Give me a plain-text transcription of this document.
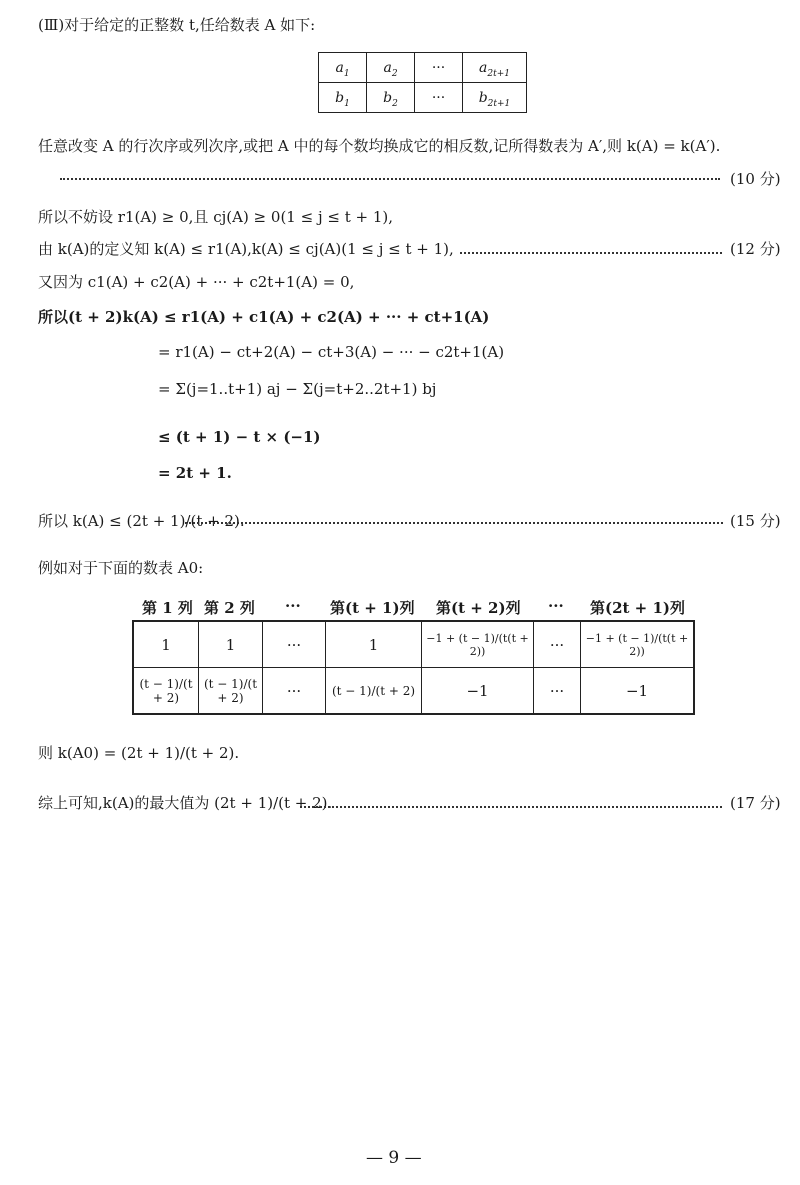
(Ⅲ)对于给定的正整数 t,任给数表 A 如下:
$a_1$	$a_2$	···	$a_{2t+1}$
$b_1$	$b_2$	···	$b_{2t+1}$
任意改变 A 的行次序或列次序,或把 A 中的每个数均换成它的相反数,记所得数表为 A′,则 k(A) = k(A′).
(10 分)
所以不妨设 r1(A) ≥ 0,且 cj(A) ≥ 0(1 ≤ j ≤ t + 1),
由 k(A)的定义知 k(A) ≤ r1(A),k(A) ≤ cj(A)(1 ≤ j ≤ t + 1),	(12 分)
又因为 c1(A) + c2(A) + ··· + c2t+1(A) = 0,
所以(t + 2)k(A) ≤ r1(A) + c1(A) + c2(A) + ··· + ct+1(A)
= r1(A) − ct+2(A) − ct+3(A) − ··· − c2t+1(A)
= Σ(j=1..t+1) aj − Σ(j=t+2..2t+1) bj
≤ (t + 1) − t × (−1)
= 2t + 1.
所以 k(A) ≤ (2t + 1)/(t + 2).	(15 分)
例如对于下面的数表 A0:
第 1 列 第 2 列 ··· 第(t + 1)列 第(t + 2)列 ··· 第(2t + 1)列
1	1	···	1	−1 + (t − 1)/(t(t + 2))	···	−1 + (t − 1)/(t(t + 2))
(t − 1)/(t + 2)	(t − 1)/(t + 2)	···	(t − 1)/(t + 2)	−1	···	−1
则 k(A0) = (2t + 1)/(t + 2).
综上可知,k(A)的最大值为 (2t + 1)/(t + 2).	(17 分)
— 9 —
